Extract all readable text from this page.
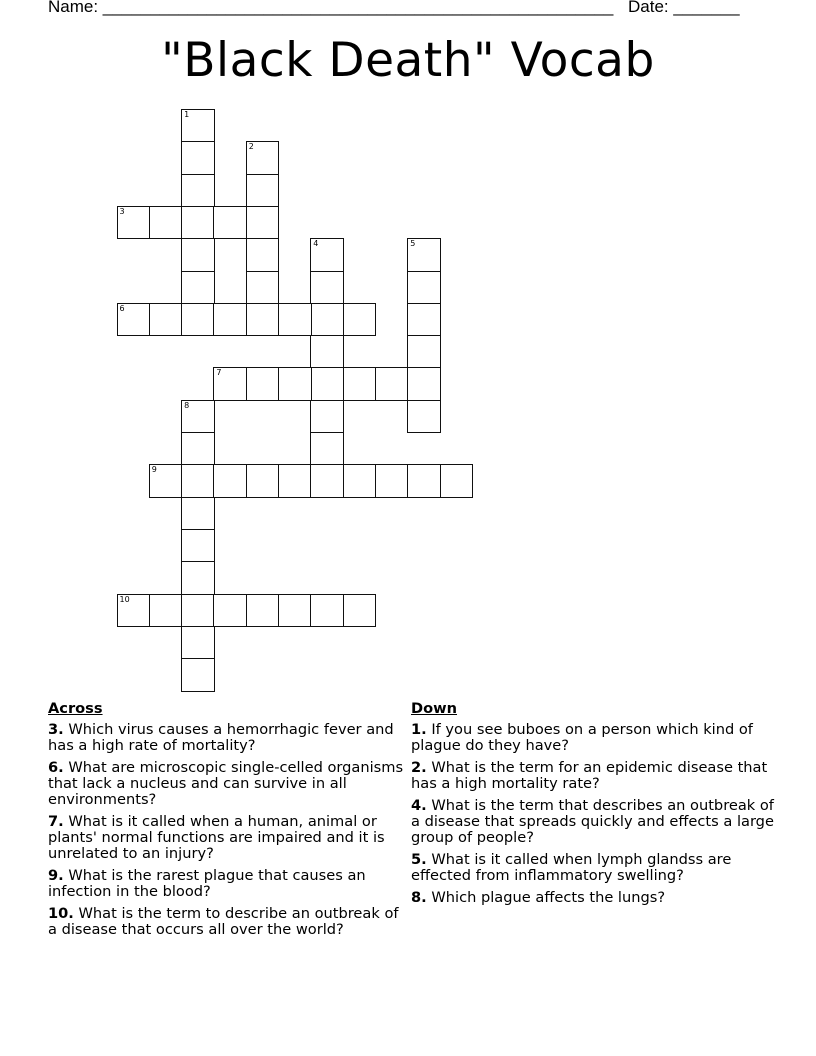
Name: ______________________________________________________ Date: _______
"Black Death" Vocab
1
2
3
4	5
6
7
8
9
10
Across
3. Which virus causes a hemorrhagic fever and has a high rate of mortality?
6. What are microscopic single-celled organisms that lack a nucleus and can survive in all environments?
7. What is it called when a human, animal or plants' normal functions are impaired and it is unrelated to an injury?
9. What is the rarest plague that causes an infection in the blood?
10. What is the term to describe an outbreak of a disease that occurs all over the world?
Down
1. If you see buboes on a person which kind of plague do they have?
2. What is the term for an epidemic disease that has a high mortality rate?
4. What is the term that describes an outbreak of a disease that spreads quickly and effects a large group of people?
5. What is it called when lymph glandss are effected from inflammatory swelling?
8. Which plague affects the lungs?
